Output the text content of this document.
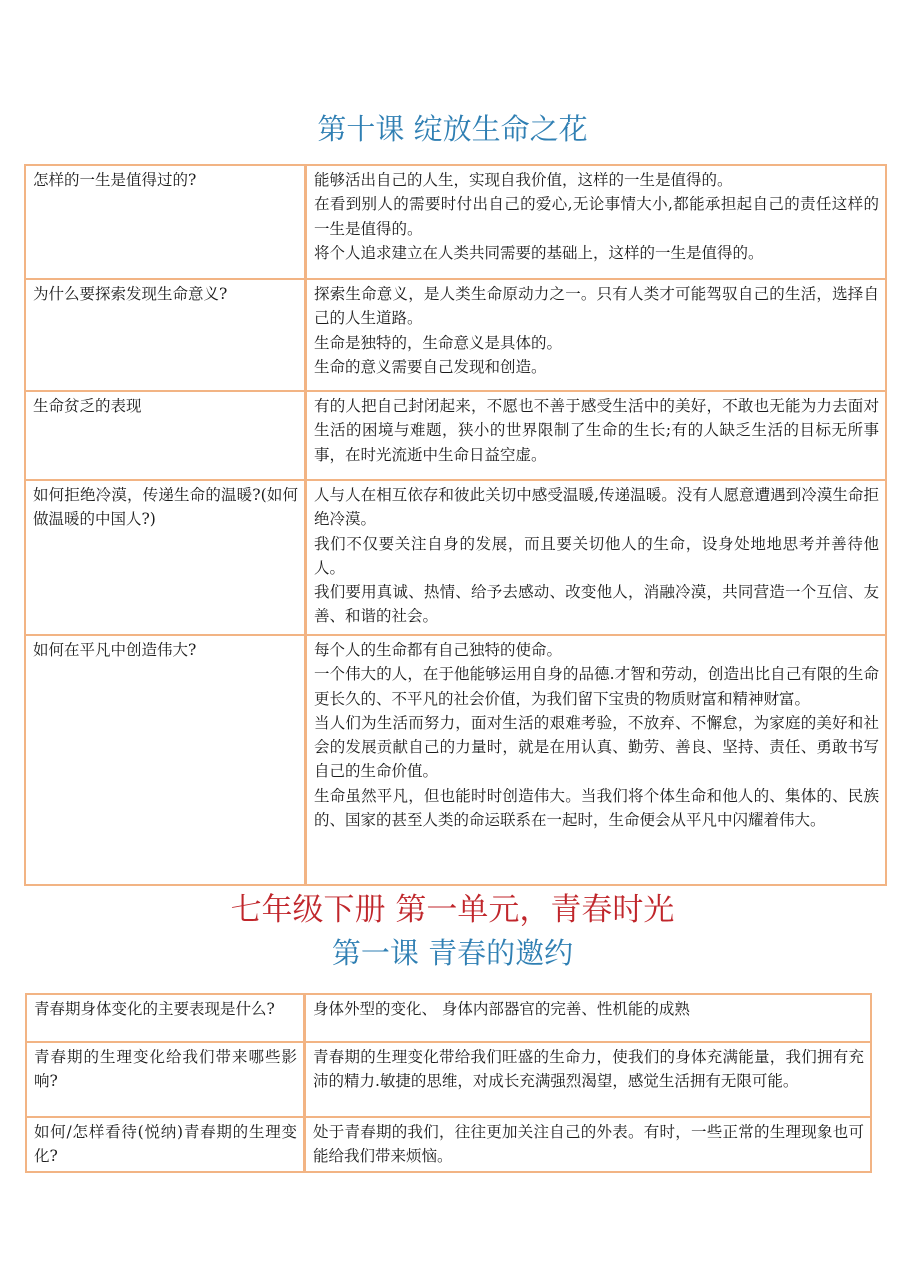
第十课 绽放生命之花
怎样的一生是值得过的?	能够活出自己的人生，实现自我价值，这样的一生是值得的。
在看到别人的需要时付出自己的爱心,无论事情大小,都能承担起自己的责任这样的一生是值得的。
将个人追求建立在人类共同需要的基础上，这样的一生是值得的。

为什么要探索发现生命意义?	探索生命意义，是人类生命原动力之一。只有人类才可能驾驭自己的生活，选择自己的人生道路。
生命是独特的，生命意义是具体的。
生命的意义需要自己发现和创造。

生命贫乏的表现	有的人把自己封闭起来，不愿也不善于感受生活中的美好，不敢也无能为力去面对生活的困境与难题，狭小的世界限制了生命的生长;有的人缺乏生活的目标无所事事，在时光流逝中生命日益空虚。

如何拒绝冷漠，传递生命的温暖?(如何做温暖的中国人?)	人与人在相互依存和彼此关切中感受温暖,传递温暖。没有人愿意遭遇到冷漠生命拒绝冷漠。
我们不仅要关注自身的发展，而且要关切他人的生命，设身处地地思考并善待他人。
我们要用真诚、热情、给予去感动、改变他人，消融冷漠，共同营造一个互信、友善、和谐的社会。

如何在平凡中创造伟大?	每个人的生命都有自己独特的使命。
一个伟大的人，在于他能够运用自身的品德.才智和劳动，创造出比自己有限的生命更长久的、不平凡的社会价值，为我们留下宝贵的物质财富和精神财富。
当人们为生活而努力，面对生活的艰难考验，不放弃、不懈怠，为家庭的美好和社会的发展贡献自己的力量时，就是在用认真、勤劳、善良、坚持、责任、勇敢书写自己的生命价值。
生命虽然平凡，但也能时时创造伟大。当我们将个体生命和他人的、集体的、民族的、国家的甚至人类的命运联系在一起时，生命便会从平凡中闪耀着伟大。
七年级下册 第一单元，青春时光
第一课 青春的邀约
青春期身体变化的主要表现是什么?	身体外型的变化、 身体内部器官的完善、性机能的成熟

青春期的生理变化给我们带来哪些影响?	青春期的生理变化带给我们旺盛的生命力，使我们的身体充满能量，我们拥有充沛的精力.敏捷的思维，对成长充满强烈渴望，感觉生活拥有无限可能。

如何/怎样看待(悦纳)青春期的生理变化?	处于青春期的我们，往往更加关注自己的外表。有时，一些正常的生理现象也可能给我们带来烦恼。
